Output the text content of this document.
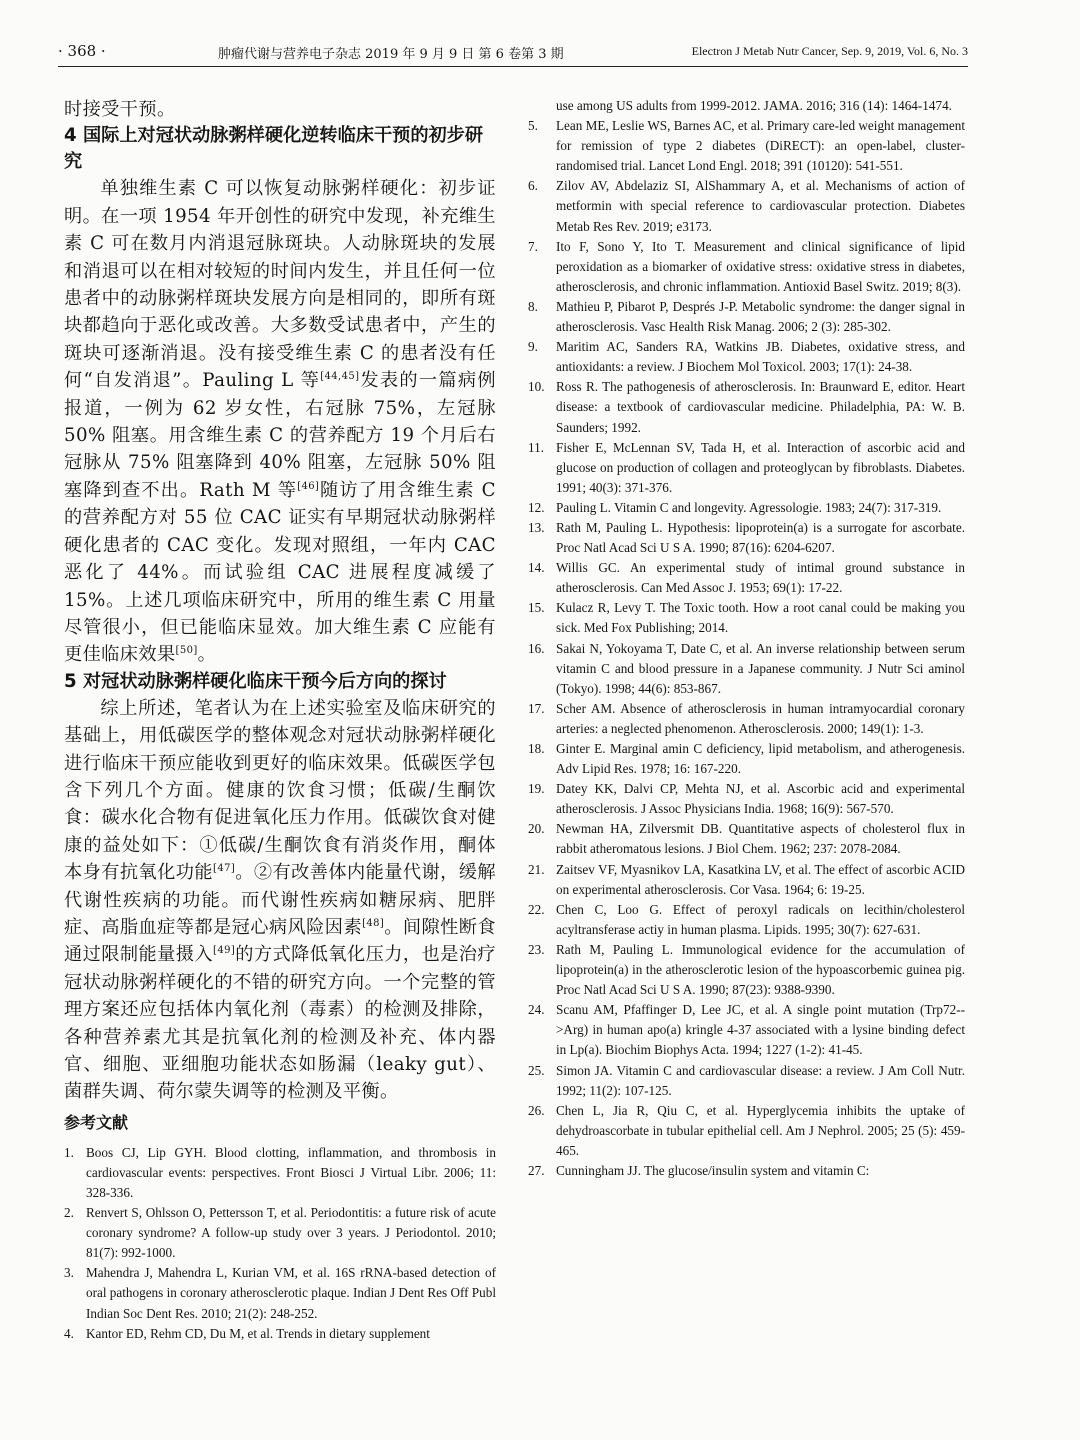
· 368 ·	肿瘤代谢与营养电子杂志 2019 年 9 月 9 日 第 6 卷第 3 期	Electron J Metab Nutr Cancer, Sep. 9, 2019, Vol. 6, No. 3

时接受干预。

4 国际上对冠状动脉粥样硬化逆转临床干预的初步研究

单独维生素 C 可以恢复动脉粥样硬化：初步证明。在一项 1954 年开创性的研究中发现，补充维生素 C 可在数月内消退冠脉斑块。人动脉斑块的发展和消退可以在相对较短的时间内发生，并且任何一位患者中的动脉粥样斑块发展方向是相同的，即所有斑块都趋向于恶化或改善。大多数受试患者中，产生的斑块可逐渐消退。没有接受维生素 C 的患者没有任何“自发消退”。Pauling L 等[44,45]发表的一篇病例报道，一例为 62 岁女性，右冠脉 75%，左冠脉 50% 阻塞。用含维生素 C 的营养配方 19 个月后右冠脉从 75% 阻塞降到 40% 阻塞，左冠脉 50% 阻塞降到查不出。Rath M 等[46]随访了用含维生素 C 的营养配方对 55 位 CAC 证实有早期冠状动脉粥样硬化患者的 CAC 变化。发现对照组，一年内 CAC 恶化了 44%。而试验组 CAC 进展程度减缓了 15%。上述几项临床研究中，所用的维生素 C 用量尽管很小，但已能临床显效。加大维生素 C 应能有更佳临床效果[50]。

5 对冠状动脉粥样硬化临床干预今后方向的探讨

综上所述，笔者认为在上述实验室及临床研究的基础上，用低碳医学的整体观念对冠状动脉粥样硬化进行临床干预应能收到更好的临床效果。低碳医学包含下列几个方面。健康的饮食习惯；低碳/生酮饮食：碳水化合物有促进氧化压力作用。低碳饮食对健康的益处如下：①低碳/生酮饮食有消炎作用，酮体本身有抗氧化功能[47]。②有改善体内能量代谢，缓解代谢性疾病的功能。而代谢性疾病如糖尿病、肥胖症、高脂血症等都是冠心病风险因素[48]。间隙性断食通过限制能量摄入[49]的方式降低氧化压力，也是治疗冠状动脉粥样硬化的不错的研究方向。一个完整的管理方案还应包括体内氧化剂（毒素）的检测及排除，各种营养素尤其是抗氧化剂的检测及补充、体内器官、细胞、亚细胞功能状态如肠漏（leaky gut）、菌群失调、荷尔蒙失调等的检测及平衡。

参考文献

1. Boos CJ, Lip GYH. Blood clotting, inflammation, and thrombosis in cardiovascular events: perspectives. Front Biosci J Virtual Libr. 2006; 11: 328-336.

2. Renvert S, Ohlsson O, Pettersson T, et al. Periodontitis: a future risk of acute coronary syndrome? A follow-up study over 3 years. J Periodontol. 2010; 81(7): 992-1000.

3. Mahendra J, Mahendra L, Kurian VM, et al. 16S rRNA-based detection of oral pathogens in coronary atherosclerotic plaque. Indian J Dent Res Off Publ Indian Soc Dent Res. 2010; 21(2): 248-252.

4. Kantor ED, Rehm CD, Du M, et al. Trends in dietary supplement

use among US adults from 1999-2012. JAMA. 2016; 316 (14): 1464-1474.

5.	Lean ME, Leslie WS, Barnes AC, et al. Primary care-led weight management for remission of type 2 diabetes (DiRECT): an open-label, cluster-randomised trial. Lancet Lond Engl. 2018; 391 (10120): 541-551.

6.	Zilov AV, Abdelaziz SI, AlShammary A, et al. Mechanisms of action of metformin with special reference to cardiovascular protection. Diabetes Metab Res Rev. 2019; e3173.

7.	Ito F, Sono Y, Ito T. Measurement and clinical significance of lipid peroxidation as a biomarker of oxidative stress: oxidative stress in diabetes, atherosclerosis, and chronic inflammation. Antioxid Basel Switz. 2019; 8(3).

8.	Mathieu P, Pibarot P, Després J-P. Metabolic syndrome: the danger signal in atherosclerosis. Vasc Health Risk Manag. 2006; 2 (3): 285-302.

9.	Maritim AC, Sanders RA, Watkins JB. Diabetes, oxidative stress, and antioxidants: a review. J Biochem Mol Toxicol. 2003; 17(1): 24-38.

10. Ross R. The pathogenesis of atherosclerosis. In: Braunward E, editor. Heart disease: a textbook of cardiovascular medicine. Philadelphia, PA: W. B. Saunders; 1992.

11. Fisher E, McLennan SV, Tada H, et al. Interaction of ascorbic acid and glucose on production of collagen and proteoglycan by fibroblasts. Diabetes. 1991; 40(3): 371-376.

12. Pauling L. Vitamin C and longevity. Agressologie. 1983; 24(7): 317-319.

13. Rath M, Pauling L. Hypothesis: lipoprotein(a) is a surrogate for ascorbate. Proc Natl Acad Sci U S A. 1990; 87(16): 6204-6207.

14. Willis GC. An experimental study of intimal ground substance in atherosclerosis. Can Med Assoc J. 1953; 69(1): 17-22.

15. Kulacz R, Levy T. The Toxic tooth. How a root canal could be making you sick. Med Fox Publishing; 2014.

16. Sakai N, Yokoyama T, Date C, et al. An inverse relationship between serum vitamin C and blood pressure in a Japanese community. J Nutr Sci aminol (Tokyo). 1998; 44(6): 853-867.

17. Scher AM. Absence of atherosclerosis in human intramyocardial coronary arteries: a neglected phenomenon. Atherosclerosis. 2000; 149(1): 1-3.

18. Ginter E. Marginal amin C deficiency, lipid metabolism, and atherogenesis. Adv Lipid Res. 1978; 16: 167-220.

19. Datey KK, Dalvi CP, Mehta NJ, et al. Ascorbic acid and experimental atherosclerosis. J Assoc Physicians India. 1968; 16(9): 567-570.

20. Newman HA, Zilversmit DB. Quantitative aspects of cholesterol flux in rabbit atheromatous lesions. J Biol Chem. 1962; 237: 2078-2084.

21. Zaitsev VF, Myasnikov LA, Kasatkina LV, et al. The effect of ascorbic ACID on experimental atherosclerosis. Cor Vasa. 1964; 6: 19-25.

22. Chen C, Loo G. Effect of peroxyl radicals on lecithin/cholesterol acyltransferase actiy in human plasma. Lipids. 1995; 30(7): 627-631.

23. Rath M, Pauling L. Immunological evidence for the accumulation of lipoprotein(a) in the atherosclerotic lesion of the hypoascorbemic guinea pig. Proc Natl Acad Sci U S A. 1990; 87(23): 9388-9390.

24. Scanu AM, Pfaffinger D, Lee JC, et al. A single point mutation (Trp72-->Arg) in human apo(a) kringle 4-37 associated with a lysine binding defect in Lp(a). Biochim Biophys Acta. 1994; 1227 (1-2): 41-45.

25. Simon JA. Vitamin C and cardiovascular disease: a review. J Am Coll Nutr. 1992; 11(2): 107-125.

26. Chen L, Jia R, Qiu C, et al. Hyperglycemia inhibits the uptake of dehydroascorbate in tubular epithelial cell. Am J Nephrol. 2005; 25 (5): 459-465.

27. Cunningham JJ. The glucose/insulin system and vitamin C:
